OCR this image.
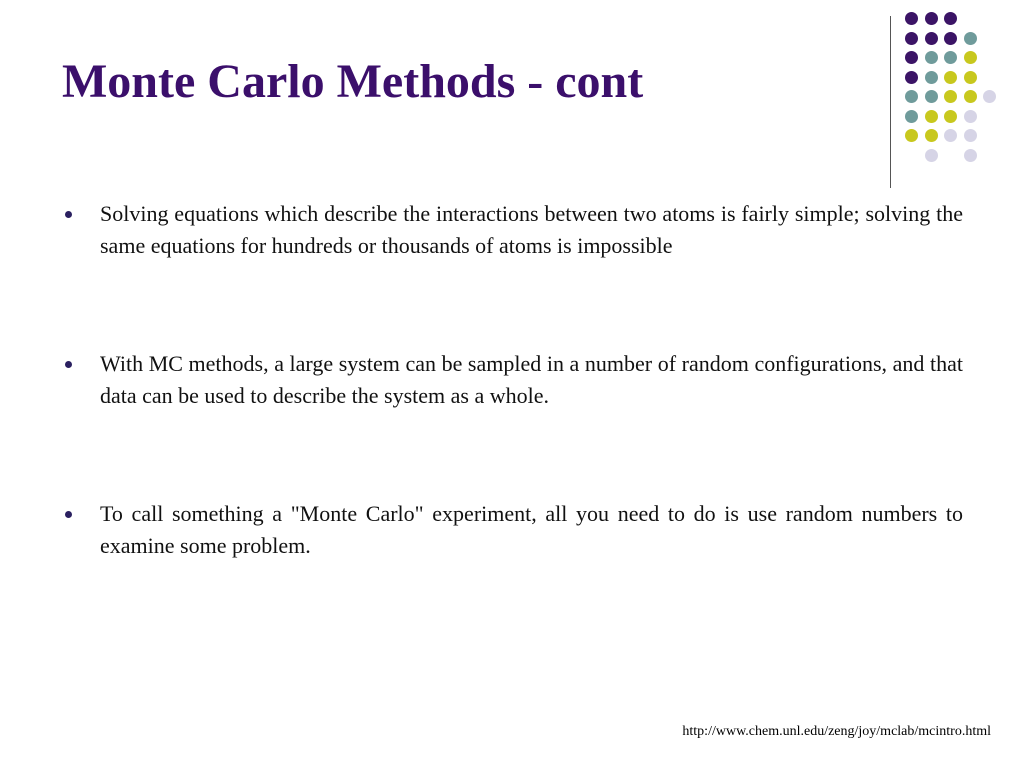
Monte Carlo Methods - cont
Solving equations which describe the interactions between two atoms is fairly simple; solving the same equations for hundreds or thousands of atoms is impossible
With MC methods, a large system can be sampled in a number of random configurations, and that data can be used to describe the system as a whole.
To call something a "Monte Carlo" experiment, all you need to do is use random numbers to examine some problem.
http://www.chem.unl.edu/zeng/joy/mclab/mcintro.html
